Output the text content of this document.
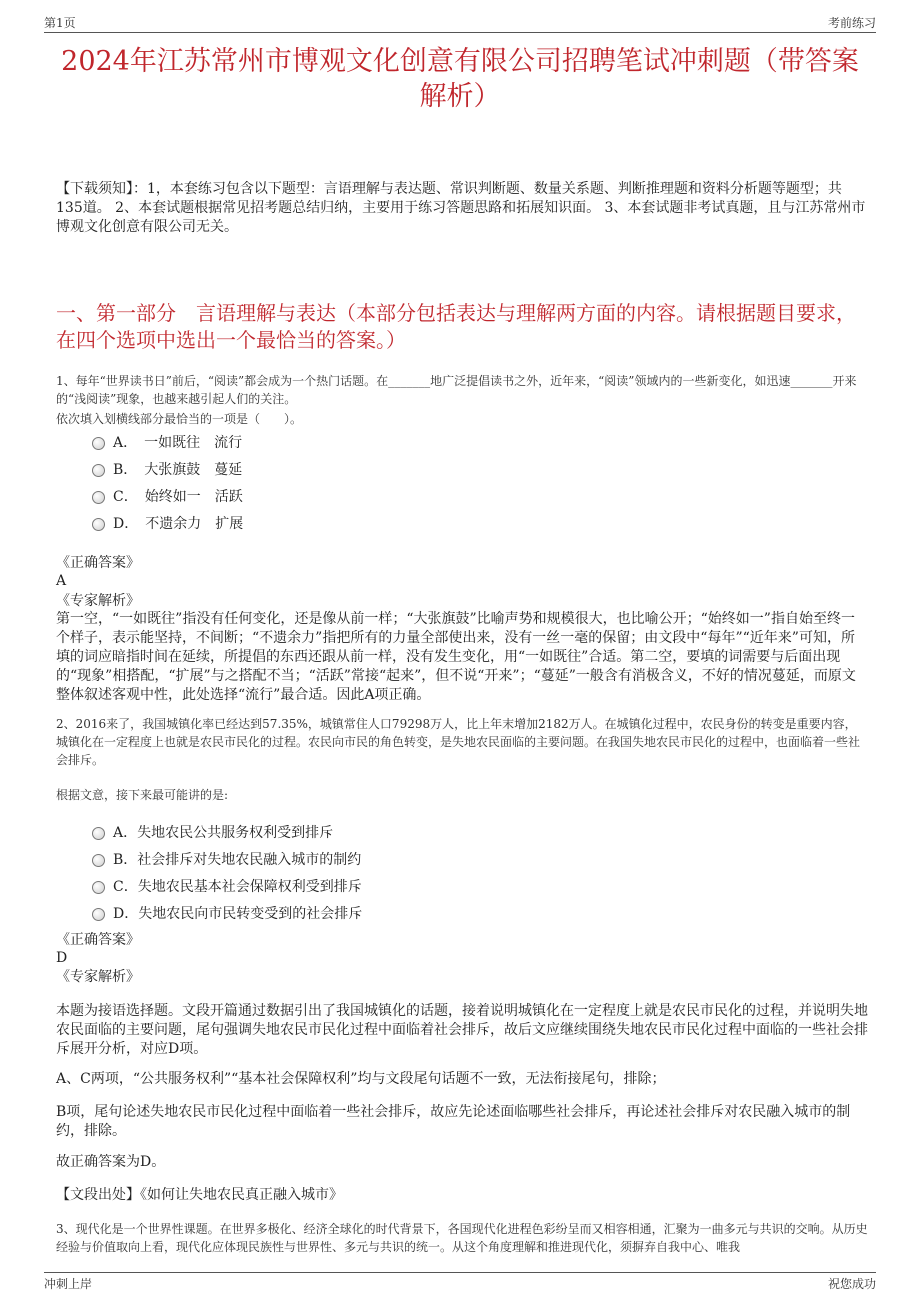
第1页	考前练习
2024年江苏常州市博观文化创意有限公司招聘笔试冲刺题（带答案解析）
【下载须知】：1，本套练习包含以下题型：言语理解与表达题、常识判断题、数量关系题、判断推理题和资料分析题等题型；共135道。 2、本套试题根据常见招考题总结归纳，主要用于练习答题思路和拓展知识面。 3、本套试题非考试真题，且与江苏常州市博观文化创意有限公司无关。
一、第一部分　言语理解与表达（本部分包括表达与理解两方面的内容。请根据题目要求，在四个选项中选出一个最恰当的答案。）
1、每年“世界读书日”前后，“阅读”都会成为一个热门话题。在_______地广泛提倡读书之外，近年来，“阅读”领域内的一些新变化，如迅速_______开来的“浅阅读”现象，也越来越引起人们的关注。
依次填入划横线部分最恰当的一项是（　　）。
A．　一如既往　流行
B．　大张旗鼓　蔓延
C．　始终如一　活跃
D．　不遗余力　扩展
《正确答案》
A
《专家解析》
第一空，“一如既往”指没有任何变化，还是像从前一样；“大张旗鼓”比喻声势和规模很大，也比喻公开；“始终如一”指自始至终一个样子，表示能坚持，不间断；“不遗余力”指把所有的力量全部使出来，没有一丝一毫的保留；由文段中“每年”“近年来”可知，所填的词应暗指时间在延续，所提倡的东西还跟从前一样，没有发生变化，用“一如既往”合适。第二空，要填的词需要与后面出现的“现象”相搭配，“扩展”与之搭配不当；“活跃”常接“起来”，但不说“开来”；“蔓延”一般含有消极含义，不好的情况蔓延，而原文整体叙述客观中性，此处选择“流行”最合适。因此A项正确。
2、2016来了，我国城镇化率已经达到57.35%，城镇常住人口79298万人，比上年末增加2182万人。在城镇化过程中，农民身份的转变是重要内容，城镇化在一定程度上也就是农民市民化的过程。农民向市民的角色转变，是失地农民面临的主要问题。在我国失地农民市民化的过程中，也面临着一些社会排斥。
根据文意，接下来最可能讲的是:
A．失地农民公共服务权利受到排斥
B．社会排斥对失地农民融入城市的制约
C．失地农民基本社会保障权利受到排斥
D．失地农民向市民转变受到的社会排斥
《正确答案》
D
《专家解析》
本题为接语选择题。文段开篇通过数据引出了我国城镇化的话题，接着说明城镇化在一定程度上就是农民市民化的过程，并说明失地农民面临的主要问题，尾句强调失地农民市民化过程中面临着社会排斥，故后文应继续围绕失地农民市民化过程中面临的一些社会排斥展开分析，对应D项。
A、C两项，“公共服务权利”“基本社会保障权利”均与文段尾句话题不一致，无法衔接尾句，排除；
B项，尾句论述失地农民市民化过程中面临着一些社会排斥，故应先论述面临哪些社会排斥，再论述社会排斥对农民融入城市的制约，排除。
故正确答案为D。
【文段出处】《如何让失地农民真正融入城市》
3、现代化是一个世界性课题。在世界多极化、经济全球化的时代背景下，各国现代化进程色彩纷呈而又相容相通，汇聚为一曲多元与共识的交响。从历史经验与价值取向上看，现代化应体现民族性与世界性、多元与共识的统一。从这个角度理解和推进现代化，须摒弃自我中心、唯我
冲刺上岸	祝您成功
